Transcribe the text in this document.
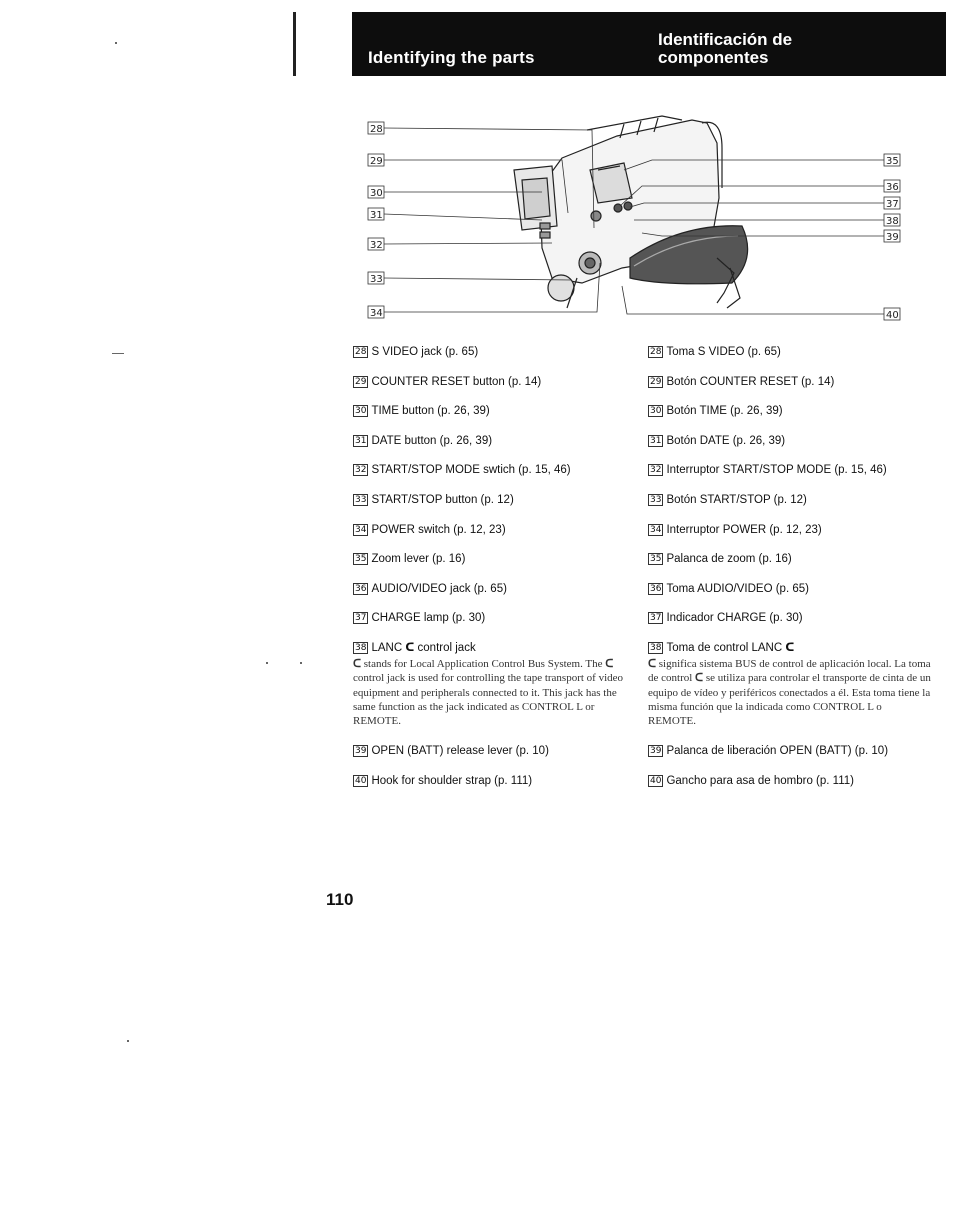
Identifying the parts
Identificación de
componentes
28
29
30
31
32
33
34
35
36
37
38
39
40
28 S VIDEO jack (p. 65)
29 COUNTER RESET button (p. 14)
30 TIME button (p. 26, 39)
31 DATE button (p. 26, 39)
32 START/STOP MODE swtich (p. 15, 46)
33 START/STOP button (p. 12)
34 POWER switch (p. 12, 23)
35 Zoom lever (p. 16)
36 AUDIO/VIDEO jack (p. 65)
37 CHARGE lamp (p. 30)
38 LANC ᑕ control jack
ᑕ stands for Local Application Control Bus System. The ᑕ control jack is used for controlling the tape transport of video equipment and peripherals connected to it. This jack has the same function as the jack indicated as CONTROL L or REMOTE.
39 OPEN (BATT) release lever (p. 10)
40 Hook for shoulder strap (p. 111)
28 Toma S VIDEO (p. 65)
29 Botón COUNTER RESET (p. 14)
30 Botón TIME (p. 26, 39)
31 Botón DATE (p. 26, 39)
32 Interruptor START/STOP MODE (p. 15, 46)
33 Botón START/STOP (p. 12)
34 Interruptor POWER (p. 12, 23)
35 Palanca de zoom (p. 16)
36 Toma AUDIO/VIDEO (p. 65)
37 Indicador CHARGE (p. 30)
38 Toma de control LANC ᑕ
ᑕ significa sistema BUS de control de aplicación local. La toma de control ᑕ se utiliza para controlar el transporte de cinta de un equipo de vídeo y periféricos conectados a él. Esta toma tiene la misma función que la indicada como CONTROL L o REMOTE.
39 Palanca de liberación OPEN (BATT) (p. 10)
40 Gancho para asa de hombro (p. 111)
110
